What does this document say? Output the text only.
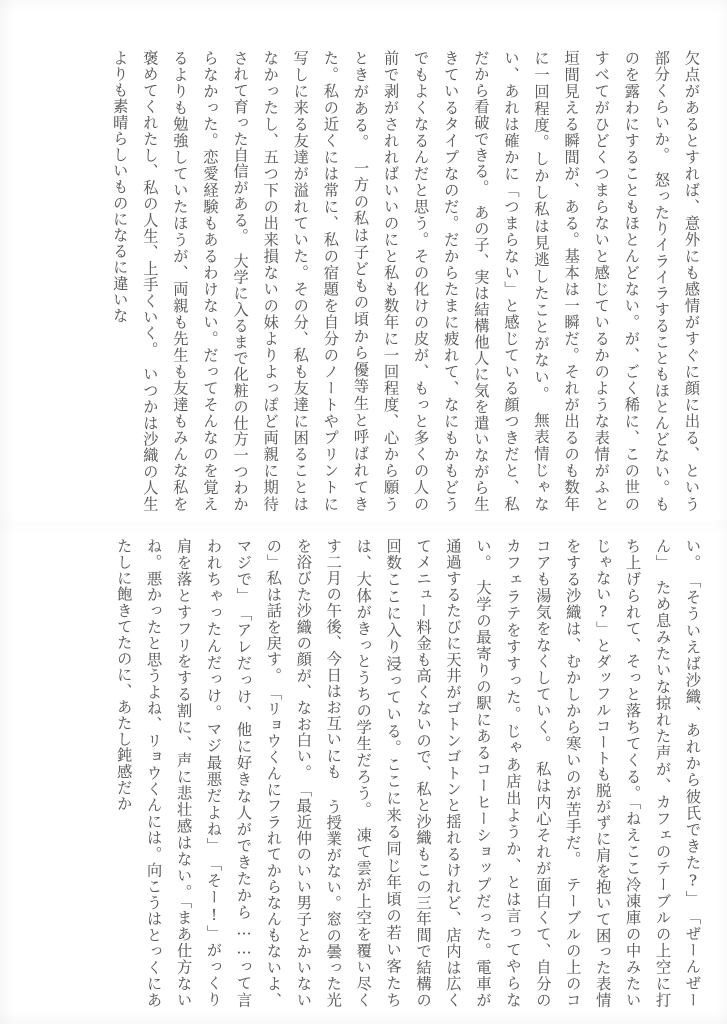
欠点があるとすれば、意外にも感情がすぐに顔に出る、という部分くらいか。怒ったりイライラすることもほとんどない。ものを露わにすることもほとんどない。が、ごく稀に、この世のすべてがひどくつまらないと感じているかのような表情がふと垣間見える瞬間が、ある。基本は一瞬だ。それが出るのも数年に一回程度。しかし私は見逃したことがない。無表情じゃない、あれは確かに「つまらない」と感じている顔つきだと、私だから看破できる。あの子、実は結構他人に気を遣いながら生きているタイプなのだ。だからたまに疲れて、なにもかもどうでもよくなるんだと思う。その化けの皮が、もっと多くの人の前で剥がされればいいのにと私も数年に一回程度、心から願うときがある。一方の私は子どもの頃から優等生と呼ばれてきた。私の近くには常に、私の宿題を自分のノートやプリントに写しに来る友達が溢れていた。その分、私も友達に困ることはなかったし、五つ下の出来損ないの妹よりよっぽど両親に期待されて育った自信がある。大学に入るまで化粧の仕方一つわからなかった。恋愛経験もあるわけない。だってそんなのを覚えるよりも勉強していたほうが、両親も先生も友達もみんな私を褒めてくれたし、私の人生、上手くいく。いつかは沙織の人生よりも素晴らしいものになるに違いな
い。「そういえば沙織、あれから彼氏できた?」「ぜーんぜーん」ため息みたいな掠れた声が、カフェのテーブルの上空に打ち上げられて、そっと落ちてくる。「ねえここ冷凍庫の中みたいじゃない?」とダッフルコートも脱がずに肩を抱いて困った表情をする沙織は、むかしから寒いのが苦手だ。テーブルの上のココアも湯気をなくしていく。私は内心それが面白くて、自分のカフェラテをすすった。じゃあ店出ようか、とは言ってやらない。大学の最寄りの駅にあるコーヒーショップだった。電車が通過するたびに天井がゴトンゴトンと揺れるけれど、店内は広くてメニュー料金も高くないので、私と沙織もこの三年間で結構の回数ここに入り浸っている。ここに来る同じ年頃の若い客たちは、大体がきっとうちの学生だろう。凍て雲が上空を覆い尽くす二月の午後、今日はお互いにも う授業がない。窓の曇った光を浴びた沙織の顔が、なお白い。「最近仲のいい男子とかいないの」私は話を戻す。「リョウくんにフラれてからなんもないよ、マジで」「アレだっけ、他に好きな人ができたから……って言われちゃったんだっけ。マジ最悪だよね」「そー!」がっくり肩を落とすフリをする割に、声に悲壮感はない。「まあ仕方ないね。悪かったと思うよね、リョウくんには。向こうはとっくにあたしに飽きてたのに、あたし鈍感だか
